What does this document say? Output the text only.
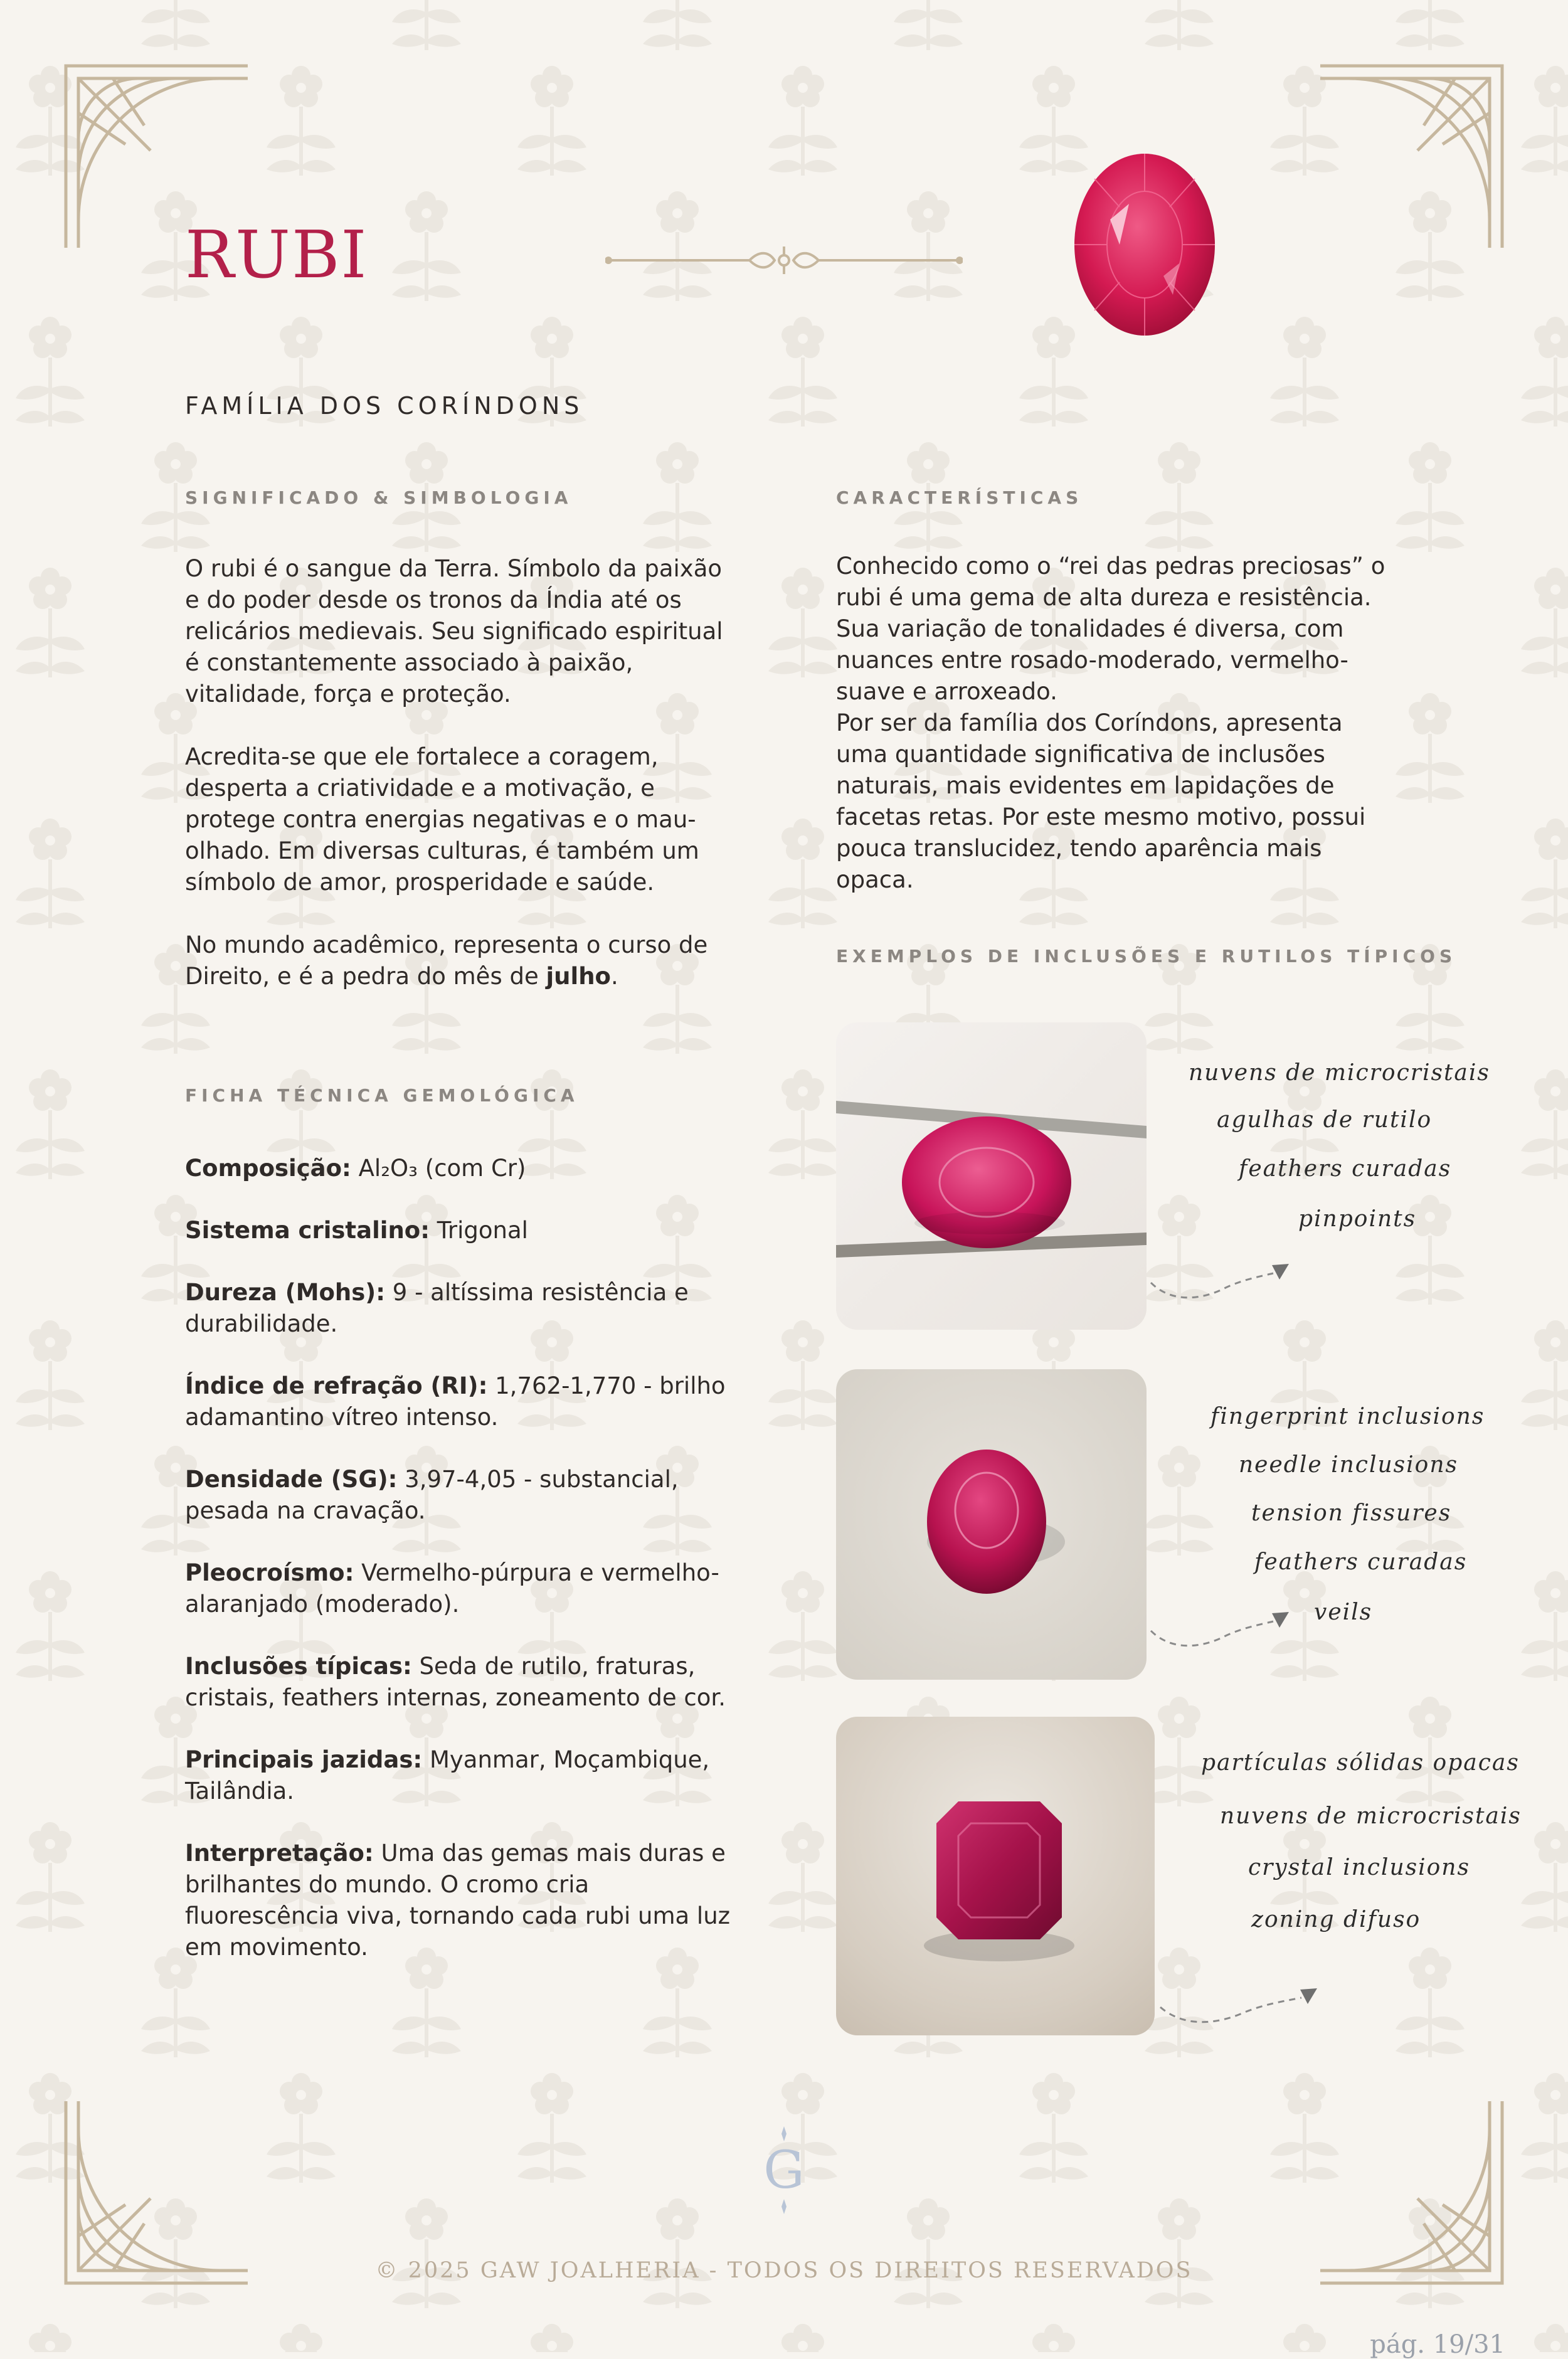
RUBI
FAMÍLIA DOS CORÍNDONS
SIGNIFICADO & SIMBOLOGIA

O rubi é o sangue da Terra. Símbolo da paixão e do poder desde os tronos da Índia até os relicários medievais. Seu significado espiritual é constantemente associado à paixão, vitalidade, força e proteção.

Acredita-se que ele fortalece a coragem, desperta a criatividade e a motivação, e protege contra energias negativas e o mau-olhado. Em diversas culturas, é também um símbolo de amor, prosperidade e saúde.

No mundo acadêmico, representa o curso de Direito, e é a pedra do mês de julho.

CARACTERÍSTICAS
Conhecido como o “rei das pedras preciosas” o rubi é uma gema de alta dureza e resistência. Sua variação de tonalidades é diversa, com nuances entre rosado-moderado, vermelho-suave e arroxeado.
Por ser da família dos Coríndons, apresenta uma quantidade significativa de inclusões naturais, mais evidentes em lapidações de facetas retas. Por este mesmo motivo, possui pouca translucidez, tendo aparência mais opaca.
EXEMPLOS DE INCLUSÕES E RUTILOS TÍPICOS
FICHA TÉCNICA GEMOLÓGICA

Composição: Al₂O₃ (com Cr)

Sistema cristalino: Trigonal

Dureza (Mohs): 9 - altíssima resistência e durabilidade.

Índice de refração (RI): 1,762-1,770 - brilho adamantino vítreo intenso.

Densidade (SG): 3,97-4,05 - substancial, pesada na cravação.

Pleocroísmo: Vermelho-púrpura e vermelho-alaranjado (moderado).

Inclusões típicas: Seda de rutilo, fraturas, cristais, feathers internas, zoneamento de cor.

Principais jazidas: Myanmar, Moçambique, Tailândia.

Interpretação: Uma das gemas mais duras e brilhantes do mundo. O cromo cria fluorescência viva, tornando cada rubi uma luz em movimento.

nuvens de microcristais
agulhas de rutilo
feathers curadas
pinpoints
fingerprint inclusions
needle inclusions
tension fissures
feathers curadas
veils
partículas sólidas opacas
nuvens de microcristais
crystal inclusions
zoning difuso
G
© 2025 GAW JOALHERIA - TODOS OS DIREITOS RESERVADOS
pág. 19/31
